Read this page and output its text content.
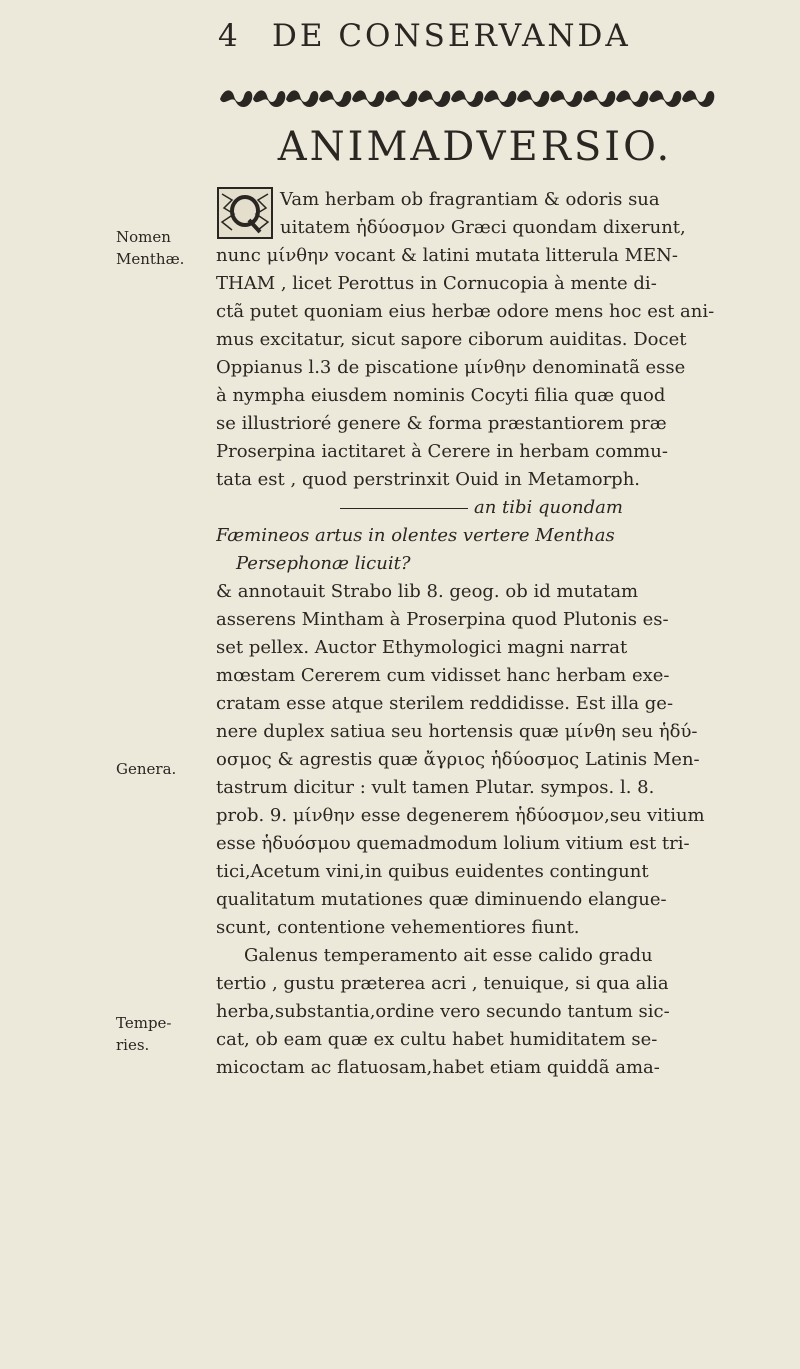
4 DE CONSERVANDA
ANIMADVERSIO.
Nomen
Menthæ.
Genera.
Tempe-
ries.
Vam herbam ob fragrantiam & odoris sua
uitatem ἡδύοσμον Græci quondam dixerunt,
nunc μίνθην vocant & latini mutata litterula MEN-
THAM , licet Perottus in Cornucopia à mente di-
ctã putet quoniam eius herbæ odore mens hoc est ani-
mus excitatur, sicut sapore ciborum auiditas. Docet
Oppianus l.3 de piscatione μίνθην denominatã esse
à nympha eiusdem nominis Cocyti filia quæ quod
se illustrioré genere & forma præstantiorem præ
Proserpina iactitaret à Cerere in herbam commu-
tata est , quod perstrinxit Ouid in Metamorph.
an tibi quondam
Fæmineos artus in olentes vertere Menthas
Persephonæ licuit?
& annotauit Strabo lib 8. geog. ob id mutatam
asserens Mintham à Proserpina quod Plutonis es-
set pellex. Auctor Ethymologici magni narrat
mœstam Cererem cum vidisset hanc herbam exe-
cratam esse atque sterilem reddidisse. Est illa ge-
nere duplex satiua seu hortensis quæ μίνθη seu ἡδύ-
οσμος & agrestis quæ ἄγριος ἡδύοσμος Latinis Men-
tastrum dicitur : vult tamen Plutar. sympos. l. 8.
prob. 9. μίνθην esse degenerem ἡδύοσμον,seu vitium
esse ἡδυόσμου quemadmodum lolium vitium est tri-
tici,Acetum vini,in quibus euidentes contingunt
qualitatum mutationes quæ diminuendo elangue-
scunt, contentione vehementiores fiunt.
Galenus temperamento ait esse calido gradu
tertio , gustu præterea acri , tenuique, si qua alia
herba,substantia,ordine vero secundo tantum sic-
cat, ob eam quæ ex cultu habet humiditatem se-
micoctam ac flatuosam,habet etiam quiddã ama-
